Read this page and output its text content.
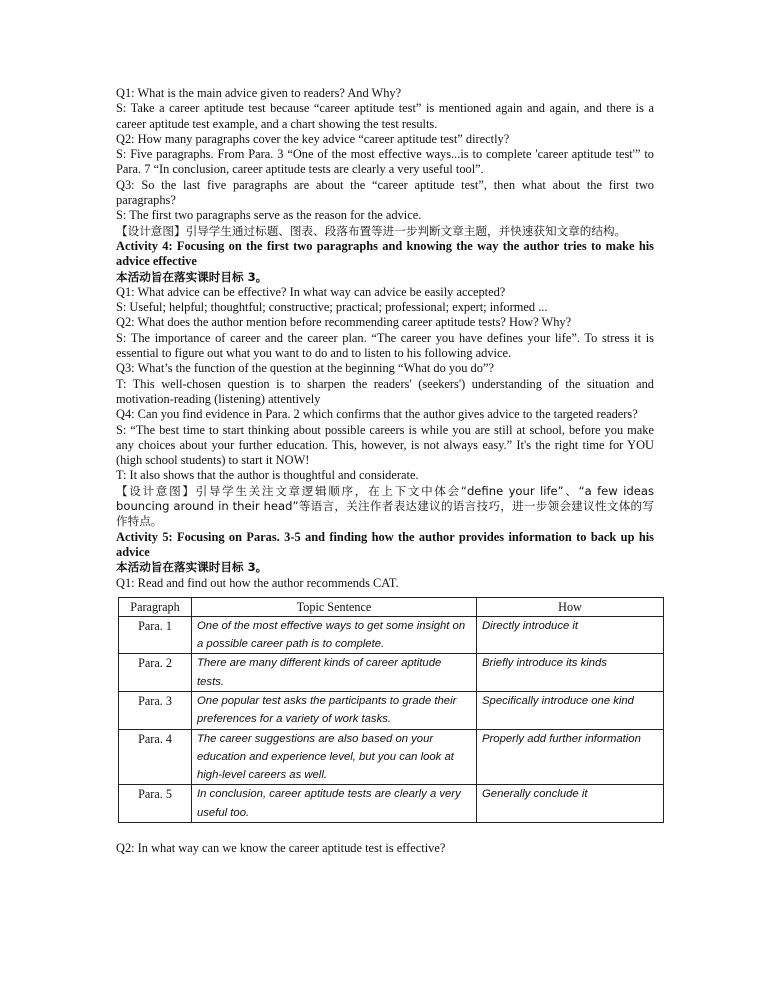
Q1: What is the main advice given to readers? And Why?

S: Take a career aptitude test because “career aptitude test” is mentioned again and again, and there is a career aptitude test example, and a chart showing the test results.

Q2: How many paragraphs cover the key advice “career aptitude test” directly?

S: Five paragraphs. From Para. 3 “One of the most effective ways...is to complete 'career aptitude test'” to Para. 7 “In conclusion, career aptitude tests are clearly a very useful tool”.

Q3: So the last five paragraphs are about the “career aptitude test”, then what about the first two paragraphs?

S: The first two paragraphs serve as the reason for the advice.

【设计意图】引导学生通过标题、图表、段落布置等进一步判断文章主题，并快速获知文章的结构。

Activity 4: Focusing on the first two paragraphs and knowing the way the author tries to make his advice effective

本活动旨在落实课时目标 3。

Q1: What advice can be effective? In what way can advice be easily accepted?

S: Useful; helpful; thoughtful; constructive; practical; professional; expert; informed ...

Q2: What does the author mention before recommending career aptitude tests? How? Why?

S: The importance of career and the career plan. “The career you have defines your life”. To stress it is essential to figure out what you want to do and to listen to his following advice.

Q3: What’s the function of the question at the beginning “What do you do”?

T: This well-chosen question is to sharpen the readers' (seekers') understanding of the situation and motivation-reading (listening) attentively

Q4: Can you find evidence in Para. 2 which confirms that the author gives advice to the targeted readers?

S: “The best time to start thinking about possible careers is while you are still at school, before you make any choices about your further education. This, however, is not always easy.” It's the right time for YOU (high school students) to start it NOW!

T: It also shows that the author is thoughtful and considerate.

【设计意图】引导学生关注文章逻辑顺序，在上下文中体会“define your life”、“a few ideas bouncing around in their head”等语言，关注作者表达建议的语言技巧，进一步领会建议性文体的写作特点。

Activity 5: Focusing on Paras. 3-5 and finding how the author provides information to back up his advice

本活动旨在落实课时目标 3。

Q1: Read and find out how the author recommends CAT.

Paragraph	Topic Sentence	How
Para. 1	One of the most effective ways to get some insight on a possible career path is to complete.	Directly introduce it
Para. 2	There are many different kinds of career aptitude tests.	Briefly introduce its kinds
Para. 3	One popular test asks the participants to grade their preferences for a variety of work tasks.	Specifically introduce one kind
Para. 4	The career suggestions are also based on your education and experience level, but you can look at high-level careers as well.	Properly add further information
Para. 5	In conclusion, career aptitude tests are clearly a very useful too.	Generally conclude it

Q2: In what way can we know the career aptitude test is effective?
